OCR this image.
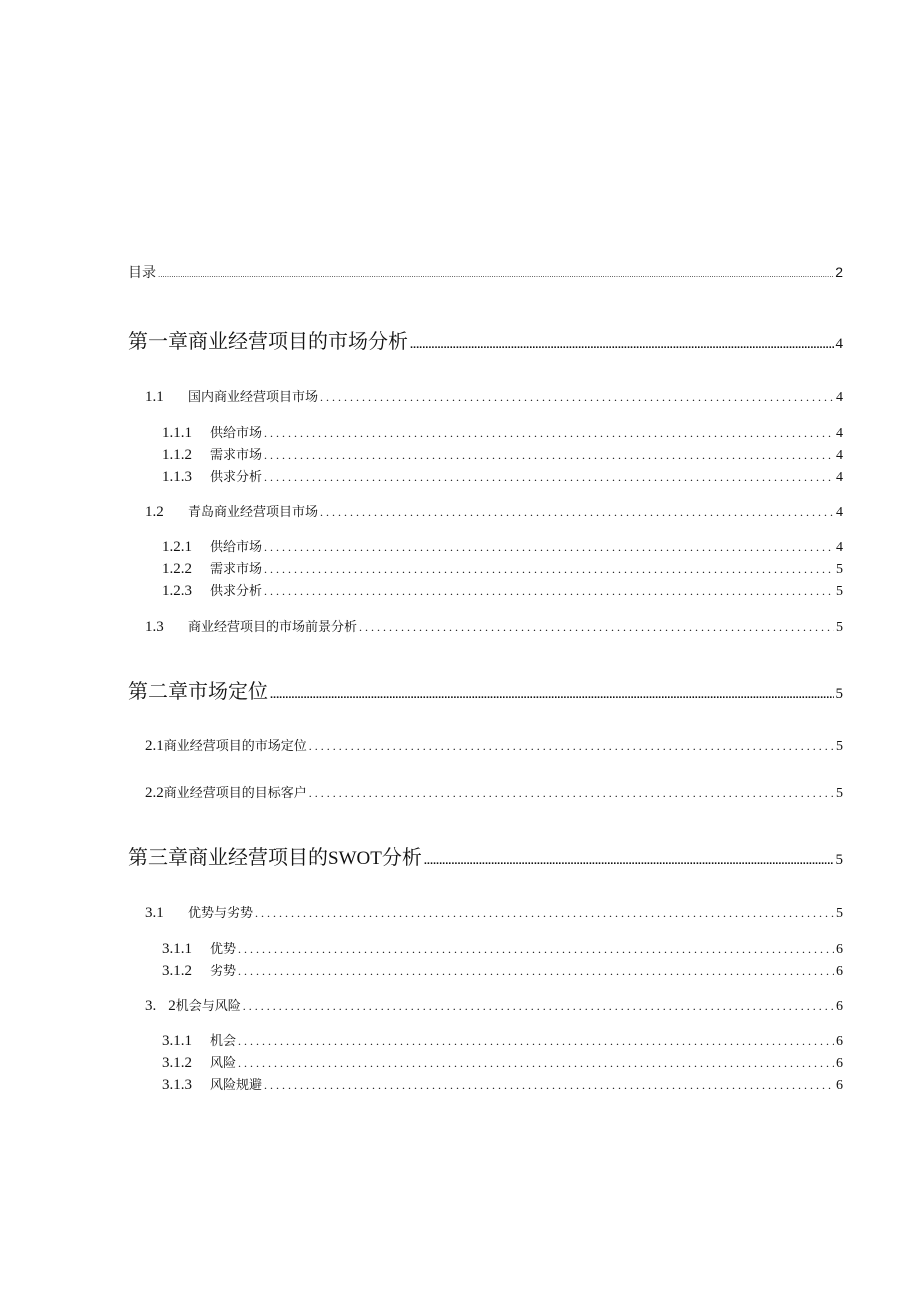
目录 .....	2
第一章商业经营项目的市场分析 .....	4
1.1	国内商业经营项目市场 . . .	4
1.1.1	供给市场 . . .	4
1.1.2	需求市场 . . .	4
1.1.3	供求分析 . . .	4
1.2	青岛商业经营项目市场 . . .	4
1.2.1	供给市场 . . .	4
1.2.2	需求市场 . . .	5
1.2.3	供求分析 . . .	5
1.3	商业经营项目的市场前景分析 . . .	5
第二章市场定位 .....	5
2.1 商业经营项目的市场定位 . . .	5
2.2 商业经营项目的目标客户 . . .	5
第三章商业经营项目的SWOT分析 .....	5
3.1	优势与劣势 . . .	5
3.1.1	优势 . . .	6
3.1.2	劣势 . . .	6
3. 2 机会与风险 . . .	6
3.1.1	机会 . . .	6
3.1.2	风险 . . .	6
3.1.3	风险规避 . . .	6
